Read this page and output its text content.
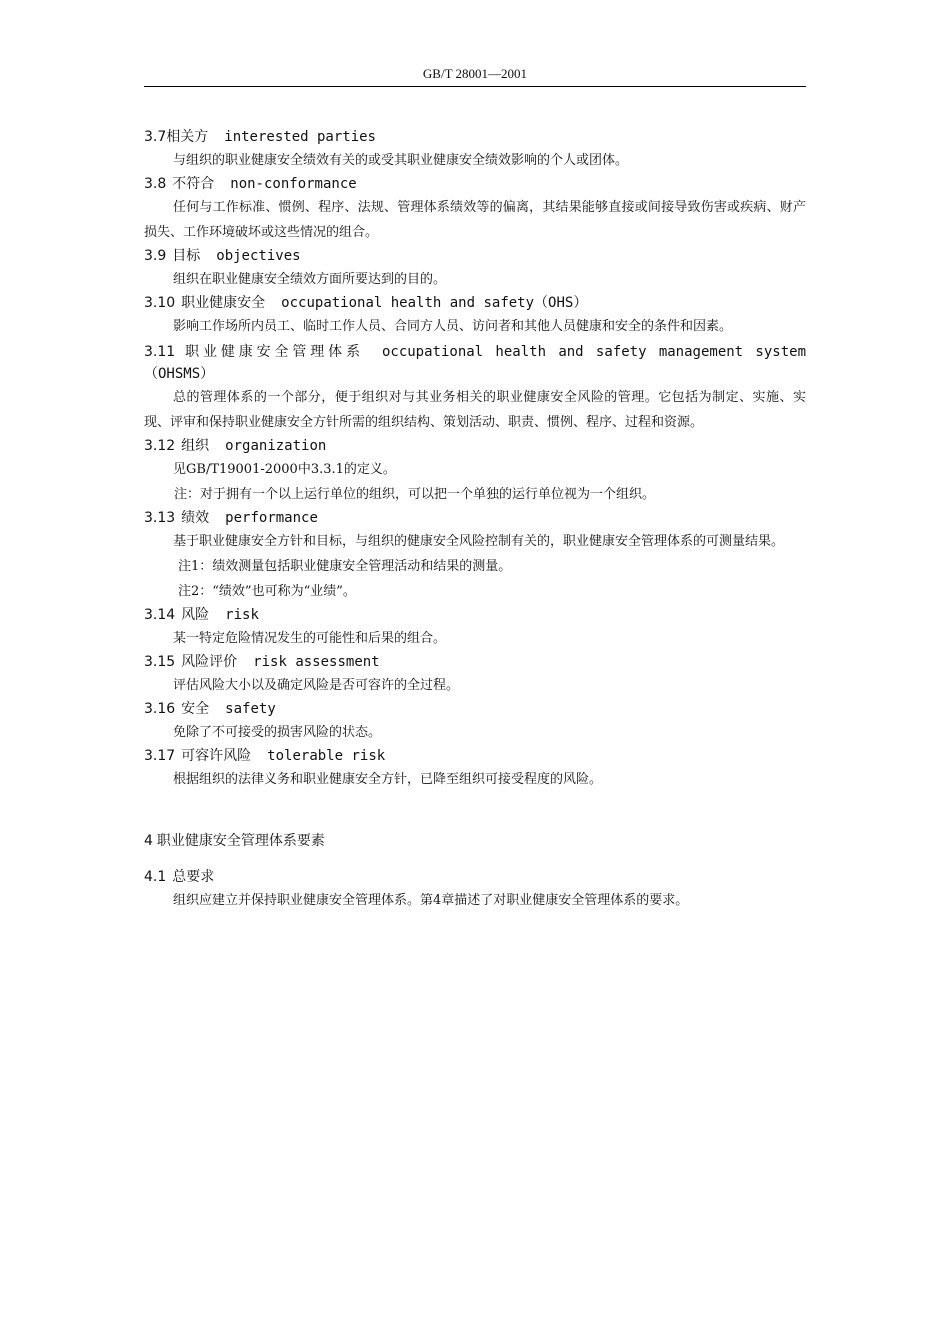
GB/T 28001—2001
3.7相关方 interested parties
与组织的职业健康安全绩效有关的或受其职业健康安全绩效影响的个人或团体。
3.8 不符合 non-conformance
任何与工作标准、惯例、程序、法规、管理体系绩效等的偏离，其结果能够直接或间接导致伤害或疾病、财产损失、工作环境破坏或这些情况的组合。
3.9 目标 objectives
组织在职业健康安全绩效方面所要达到的目的。
3.10 职业健康安全 occupational health and safety（OHS）
影响工作场所内员工、临时工作人员、合同方人员、访问者和其他人员健康和安全的条件和因素。
3.11 职业健康安全管理体系 occupational health and safety management system（OHSMS）
总的管理体系的一个部分，便于组织对与其业务相关的职业健康安全风险的管理。它包括为制定、实施、实现、评审和保持职业健康安全方针所需的组织结构、策划活动、职责、惯例、程序、过程和资源。
3.12 组织 organization
见GB/T19001-2000中3.3.1的定义。
注：对于拥有一个以上运行单位的组织，可以把一个单独的运行单位视为一个组织。
3.13 绩效 performance
基于职业健康安全方针和目标，与组织的健康安全风险控制有关的，职业健康安全管理体系的可测量结果。
注1：绩效测量包括职业健康安全管理活动和结果的测量。
注2：“绩效”也可称为“业绩”。
3.14 风险 risk
某一特定危险情况发生的可能性和后果的组合。
3.15 风险评价 risk assessment
评估风险大小以及确定风险是否可容许的全过程。
3.16 安全 safety
免除了不可接受的损害风险的状态。
3.17 可容许风险 tolerable risk
根据组织的法律义务和职业健康安全方针，已降至组织可接受程度的风险。
4 职业健康安全管理体系要素
4.1 总要求
组织应建立并保持职业健康安全管理体系。第4章描述了对职业健康安全管理体系的要求。
